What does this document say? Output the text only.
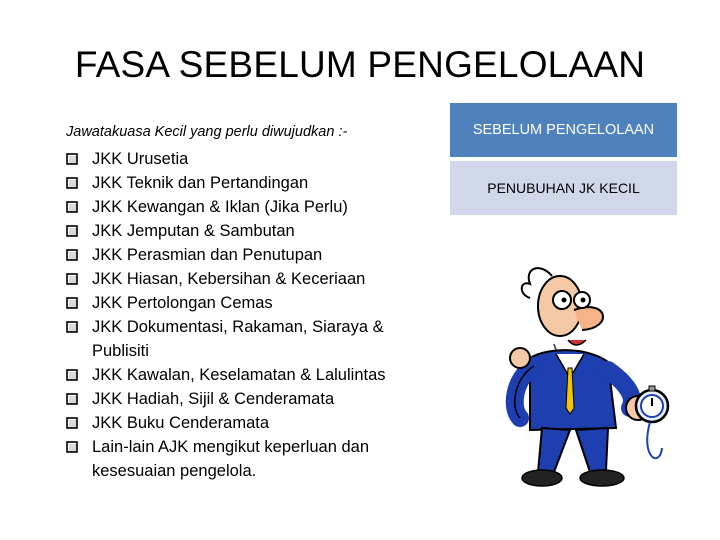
FASA SEBELUM PENGELOLAAN
Jawatakuasa Kecil yang perlu diwujudkan :-
JKK Urusetia
JKK Teknik dan Pertandingan
JKK Kewangan & Iklan (Jika Perlu)
JKK Jemputan & Sambutan
JKK Perasmian dan Penutupan
JKK Hiasan, Kebersihan & Keceriaan
JKK Pertolongan Cemas
JKK Dokumentasi, Rakaman, Siaraya & Publisiti
JKK Kawalan, Keselamatan & Lalulintas
JKK Hadiah, Sijil & Cenderamata
JKK Buku Cenderamata
Lain-lain AJK mengikut keperluan dan kesesuaian pengelola.
SEBELUM PENGELOLAAN
PENUBUHAN JK KECIL
